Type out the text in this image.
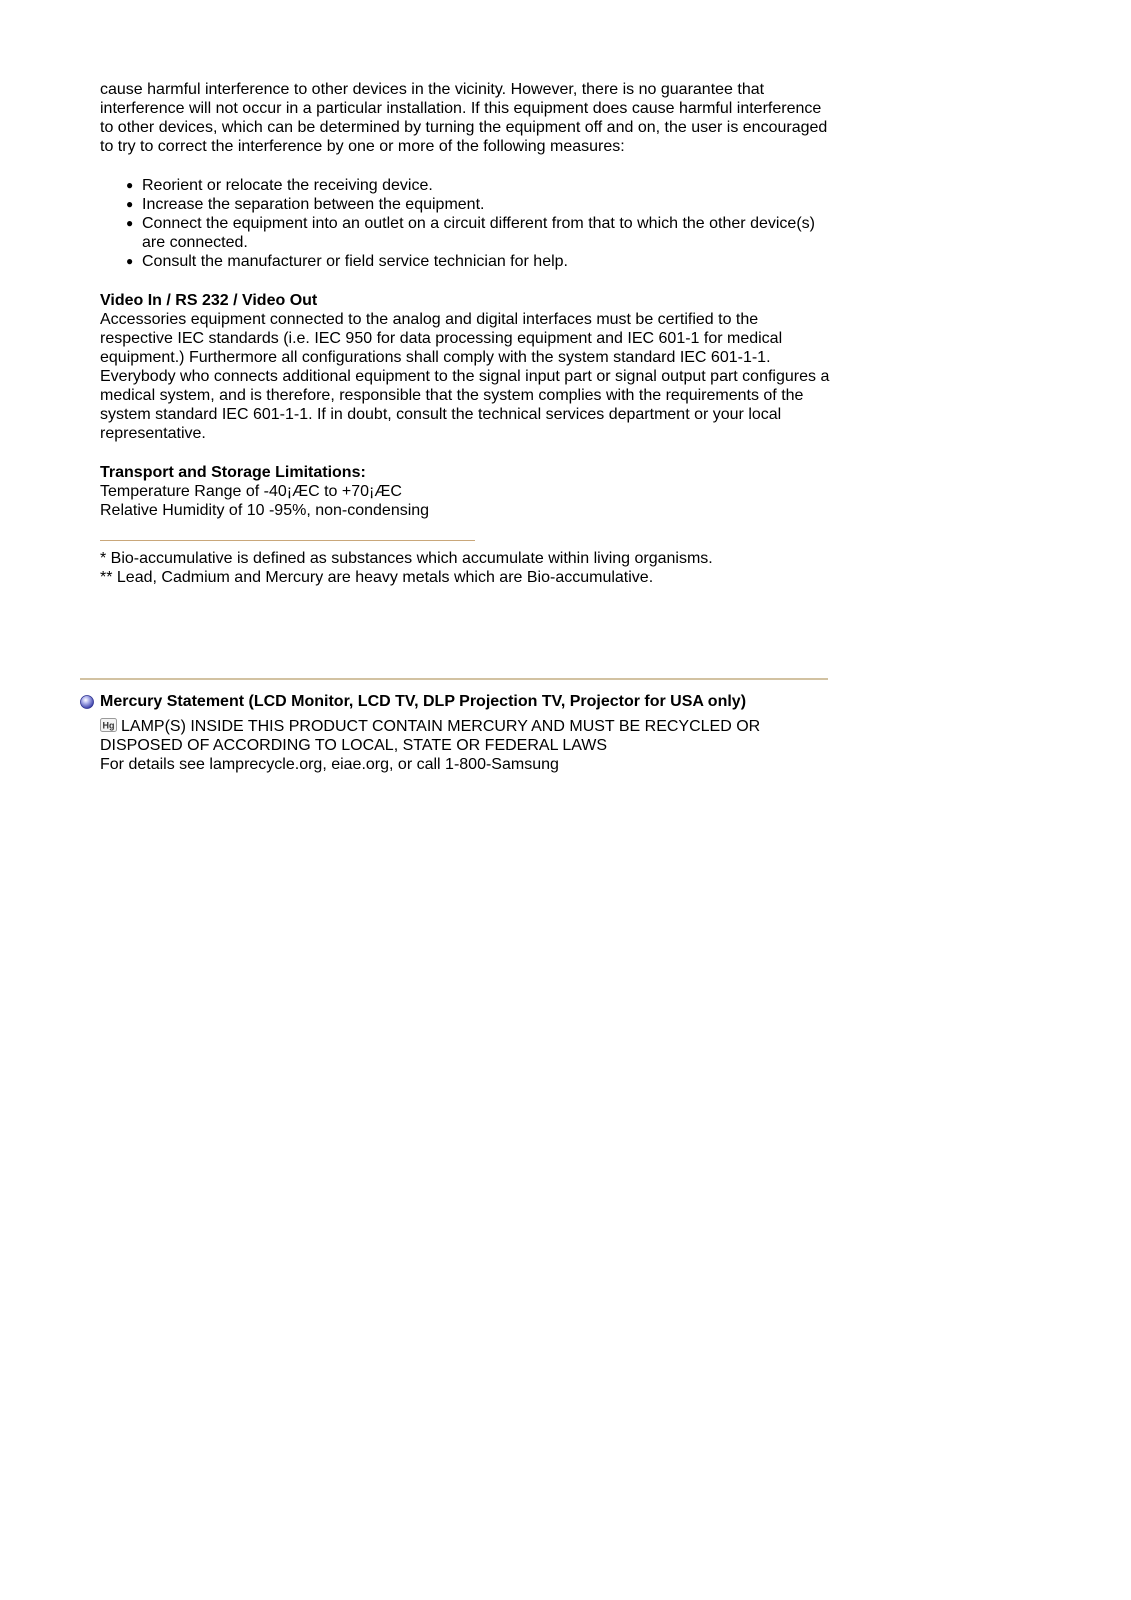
cause harmful interference to other devices in the vicinity. However, there is no guarantee that interference will not occur in a particular installation. If this equipment does cause harmful interference to other devices, which can be determined by turning the equipment off and on, the user is encouraged to try to correct the interference by one or more of the following measures:

● Reorient or relocate the receiving device.
● Increase the separation between the equipment.
● Connect the equipment into an outlet on a circuit different from that to which the other device(s) are connected.
● Consult the manufacturer or field service technician for help.
Video In / RS 232 / Video Out
Accessories equipment connected to the analog and digital interfaces must be certified to the respective IEC standards (i.e. IEC 950 for data processing equipment and IEC 601-1 for medical equipment.) Furthermore all configurations shall comply with the system standard IEC 601-1-1. Everybody who connects additional equipment to the signal input part or signal output part configures a medical system, and is therefore, responsible that the system complies with the requirements of the system standard IEC 601-1-1. If in doubt, consult the technical services department or your local representative.
Transport and Storage Limitations:
Temperature Range of -40¡ÆC to +70¡ÆC
Relative Humidity of 10 -95%, non-condensing
* Bio-accumulative is defined as substances which accumulate within living organisms.
** Lead, Cadmium and Mercury are heavy metals which are Bio-accumulative.
Mercury Statement (LCD Monitor, LCD TV, DLP Projection TV, Projector for USA only)
Hg LAMP(S) INSIDE THIS PRODUCT CONTAIN MERCURY AND MUST BE RECYCLED OR DISPOSED OF ACCORDING TO LOCAL, STATE OR FEDERAL LAWS
For details see lamprecycle.org, eiae.org, or call 1-800-Samsung
